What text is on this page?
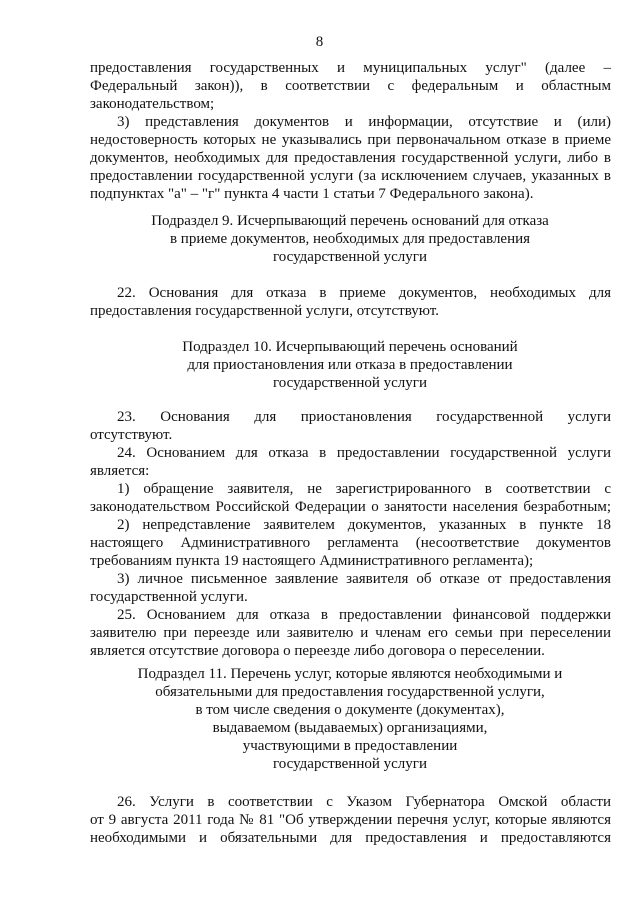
8
предоставления государственных и муниципальных услуг" (далее –
Федеральный закон)), в соответствии с федеральным и областным
законодательством;
3) представления документов и информации, отсутствие и (или)
недостоверность которых не указывались при первоначальном отказе в приеме
документов, необходимых для предоставления государственной услуги, либо в
предоставлении государственной услуги (за исключением случаев, указанных в
подпунктах "а" – "г" пункта 4 части 1 статьи 7 Федерального закона).
Подраздел 9. Исчерпывающий перечень оснований для отказа
в приеме документов, необходимых для предоставления
государственной услуги
22. Основания для отказа в приеме документов, необходимых для
предоставления государственной услуги, отсутствуют.
Подраздел 10. Исчерпывающий перечень оснований
для приостановления или отказа в предоставлении
государственной услуги
23. Основания для приостановления государственной услуги
отсутствуют.
24. Основанием для отказа в предоставлении государственной услуги
является:
1) обращение заявителя, не зарегистрированного в соответствии с
законодательством Российской Федерации о занятости населения безработным;
2) непредставление заявителем документов, указанных в пункте 18
настоящего Административного регламента (несоответствие документов
требованиям пункта 19 настоящего Административного регламента);
3) личное письменное заявление заявителя об отказе от предоставления
государственной услуги.
25. Основанием для отказа в предоставлении финансовой поддержки
заявителю при переезде или заявителю и членам его семьи при переселении
является отсутствие договора о переезде либо договора о переселении.
Подраздел 11. Перечень услуг, которые являются необходимыми и
обязательными для предоставления государственной услуги,
в том числе сведения о документе (документах),
выдаваемом (выдаваемых) организациями,
участвующими в предоставлении
государственной услуги
26. Услуги в соответствии с Указом Губернатора Омской области
от 9 августа 2011 года № 81 "Об утверждении перечня услуг, которые являются
необходимыми и обязательными для предоставления и предоставляются
